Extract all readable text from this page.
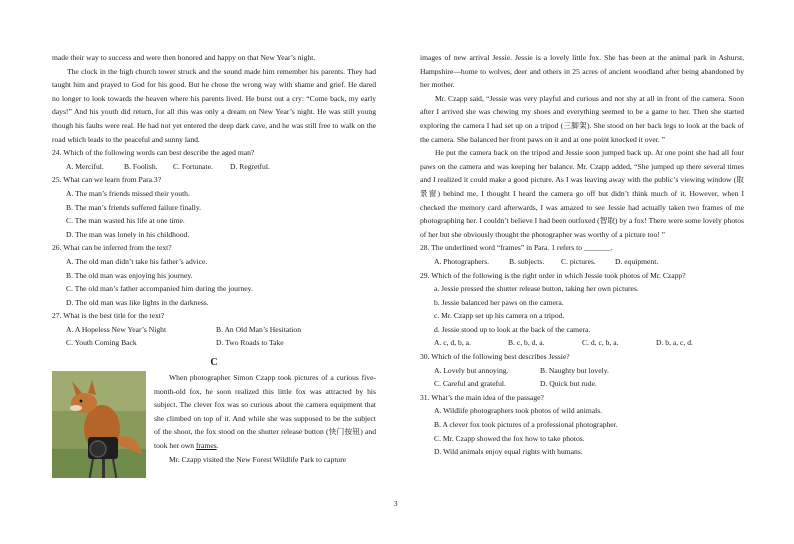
made their way to success and were then honored and happy on that New Year’s night.

The clock in the high church tower struck and the sound made him remember his parents. They had taught him and prayed to God for his good. But he chose the wrong way with shame and grief. He dared no longer to look towards the heaven where his parents lived. He burst out a cry: “Come back, my early days!” And his youth did return, for all this was only a dream on New Year’s night. He was still young though his faults were real. He had not yet entered the deep dark cave, and he was still free to walk on the road which leads to the peaceful and sunny land.

24. Which of the following words can best describe the aged man?

A. Merciful.	B. Foolish.	C. Fortunate.	D. Regretful.

25. What can we learn from Para.3?

A. The man’s friends missed their youth.

B. The man’s friends suffered failure finally.

C. The man wasted his life at one time.

D. The man was lonely in his childhood.

26. What can be inferred from the text?

A. The old man didn’t take his father’s advice.

B. The old man was enjoying his journey.

C. The old man’s father accompanied him during the journey.

D. The old man was like lights in the darkness.

27. What is the best title for the text?

A. A Hopeless New Year’s Night	B. An Old Man’s Hesitation
C. Youth Coming Back	D. Two Roads to Take
C

When photographer Simon Czapp took pictures of a curious five-month-old fox, he soon realized this little fox was attracted by his subject. The clever fox was so curious about the camera equipment that she climbed on top of it. And while she was supposed to be the subject of the shoot, the fox stood on the shutter release button (快门按钮) and took her own frames.

Mr. Czapp visited the New Forest Wildlife Park to capture

images of new arrival Jessie. Jessie is a lovely little fox. She has been at the animal park in Ashurst, Hampshire—home to wolves, deer and others in 25 acres of ancient woodland after being abandoned by her mother.

Mr. Czapp said, “Jessie was very playful and curious and not shy at all in front of the camera. Soon after I arrived she was chewing my shoes and everything seemed to be a game to her. Then she started exploring the camera I had set up on a tripod (三脚架). She stood on her back legs to look at the back of the camera. She balanced her front paws on it and at one point knocked it over. ”

He put the camera back on the tripod and Jessie soon jumped back up. At one point she had all four paws on the camera and was keeping her balance. Mr. Czapp added, “She jumped up there several times and I realized it could make a good picture. As I was leaving away with the public’s viewing window (取景窗) behind me, I thought I heard the camera go off but didn’t think much of it. However, when I checked the memory card afterwards, I was amazed to see Jessie had actually taken two frames of me photographing her. I couldn’t believe I had been outfoxed (智取) by a fox! There were some lovely photos of her but she obviously thought the photographer was worthy of a picture too! ”

28. The underlined word “frames” in Para. 1 refers to _______.

A. Photographers.	B. subjects.	C. pictures.	D. equipment.

29. Which of the following is the right order in which Jessie took photos of Mr. Czapp?

a. Jessie pressed the shutter release button, taking her own pictures.

b. Jessie balanced her paws on the camera.

c. Mr. Czapp set up his camera on a tripod.

d. Jessie stood up to look at the back of the camera.

A. c, d, b, a.	B. c, b, d, a.	C. d, c, b, a.	D. b, a, c, d.

30. Which of the following best describes Jessie?

A. Lovely but annoying.	B. Naughty but lovely.
C. Careful and grateful.	D. Quick but rude.

31. What’s the main idea of the passage?

A. Wildlife photographers took photos of wild animals.

B. A clever fox took pictures of a professional photographer.

C. Mr. Czapp showed the fox how to take photos.

D. Wild animals enjoy equal rights with humans.

3
